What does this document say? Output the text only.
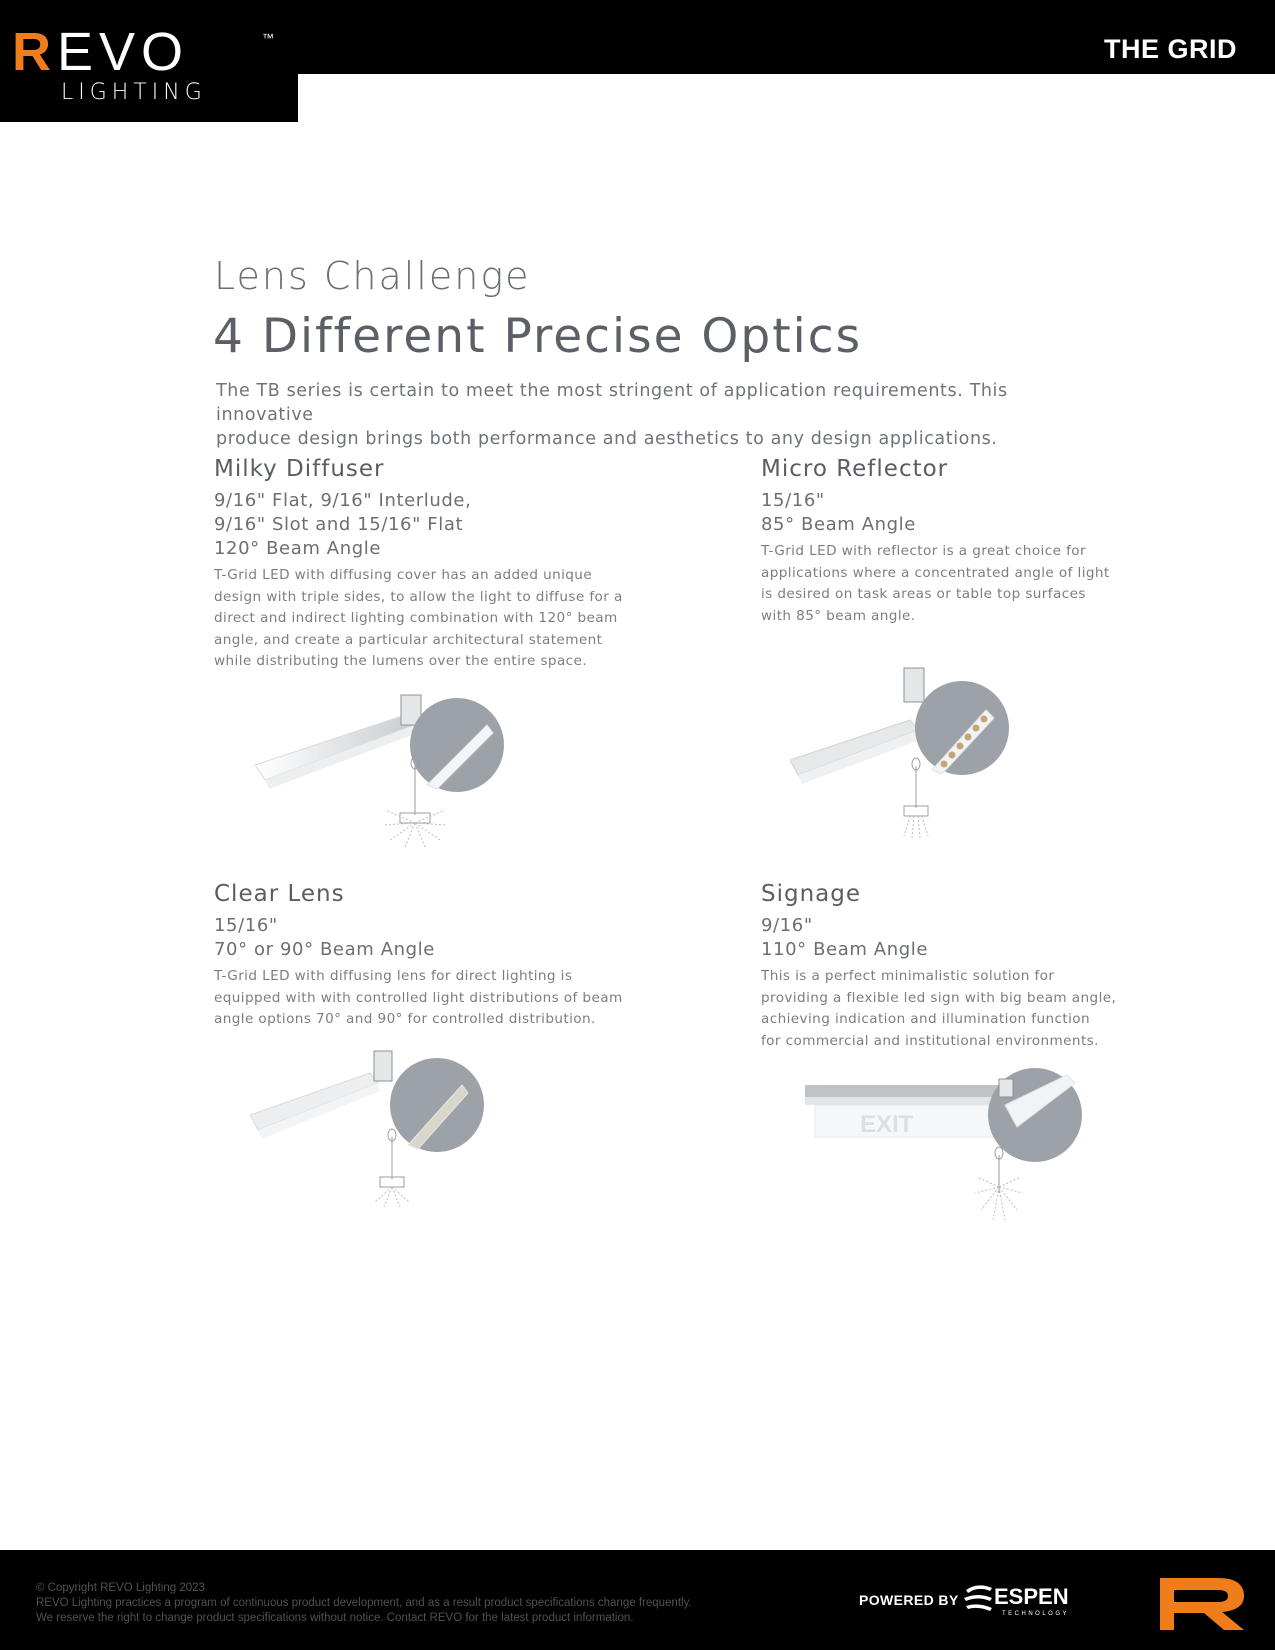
R EVO	™
LIGHTING
THE GRID
Lens Challenge
4 Different Precise Optics
The TB series is certain to meet the most stringent of application requirements. This innovative
produce design brings both performance and aesthetics to any design applications.
Milky Diffuser
9/16" Flat, 9/16" Interlude,
9/16" Slot and 15/16" Flat
120° Beam Angle
T-Grid LED with diffusing cover has an added unique
design with triple sides, to allow the light to diffuse for a
direct and indirect lighting combination with 120° beam
angle, and create a particular architectural statement
while distributing the lumens over the entire space.
Micro Reflector
15/16"
85° Beam Angle
T-Grid LED with reflector is a great choice for
applications where a concentrated angle of light
is desired on task areas or table top surfaces
with 85° beam angle.
Clear Lens
15/16"
70° or 90° Beam Angle
T-Grid LED with diffusing lens for direct lighting is
equipped with with controlled light distributions of beam
angle options 70° and 90° for controlled distribution.
Signage
9/16"
110° Beam Angle
This is a perfect minimalistic solution for
providing a flexible led sign with big beam angle,
achieving indication and illumination function
for commercial and institutional environments.
EXIT
© Copyright REVO Lighting 2023
REVO Lighting practices a program of continuous product development, and as a result product specifications change frequently.
We reserve the right to change product specifications without notice. Contact REVO for the latest product information.
POWERED BY ESPEN
TECHNOLOGY
